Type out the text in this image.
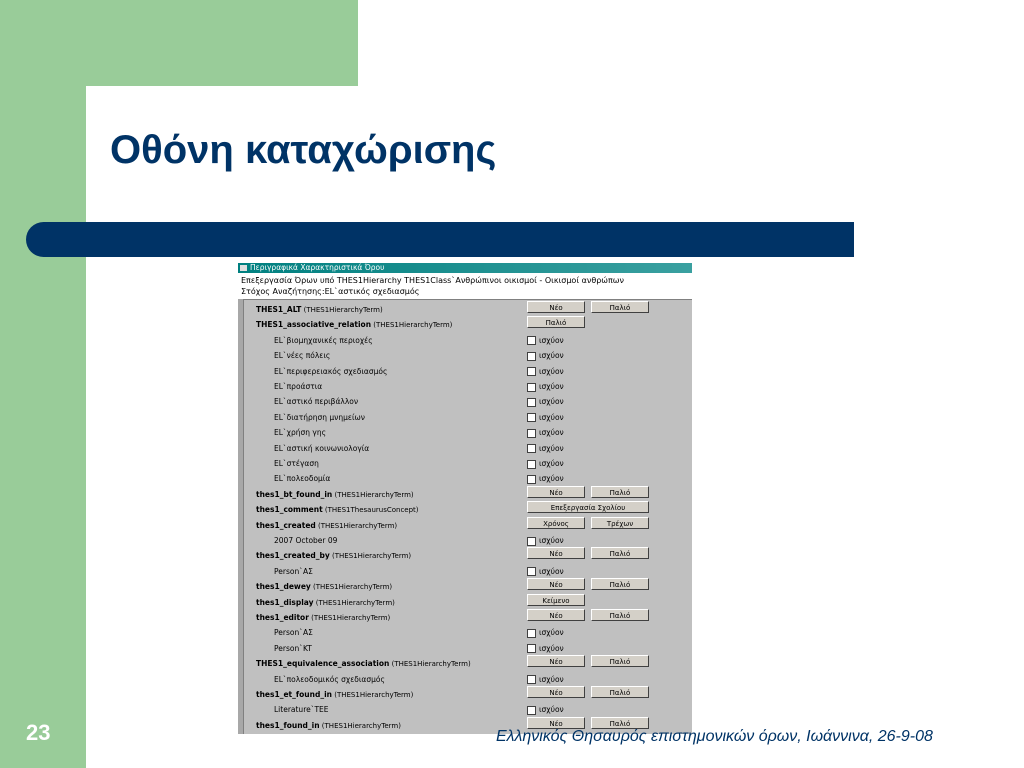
Οθόνη καταχώρισης
Περιγραφικά Χαρακτηριστικά Όρου
Επεξεργασία Όρων υπό THES1Hierarchy THES1Class`Ανθρώπινοι οικισμοί - Οικισμοί ανθρώπων
Στόχος Αναζήτησης:EL`αστικός σχεδιασμός
THES1_ALT (THES1HierarchyTerm)	Νέο	Παλιό
THES1_associative_relation (THES1HierarchyTerm)	Παλιό
EL`βιομηχανικές περιοχές	ισχύον
EL`νέες πόλεις	ισχύον
EL`περιφερειακός σχεδιασμός	ισχύον
EL`προάστια	ισχύον
EL`αστικό περιβάλλον	ισχύον
EL`διατήρηση μνημείων	ισχύον
EL`χρήση γης	ισχύον
EL`αστική κοινωνιολογία	ισχύον
EL`στέγαση	ισχύον
EL`πολεοδομία	ισχύον
thes1_bt_found_in (THES1HierarchyTerm)	Νέο	Παλιό
thes1_comment (THES1ThesaurusConcept)	Επεξεργασία Σχολίου
thes1_created (THES1HierarchyTerm)	Χρόνος	Τρέχων
2007 October 09	ισχύον
thes1_created_by (THES1HierarchyTerm)	Νέο	Παλιό
Person`ΑΣ	ισχύον
thes1_dewey (THES1HierarchyTerm)	Νέο	Παλιό
thes1_display (THES1HierarchyTerm)	Κείμενο
thes1_editor (THES1HierarchyTerm)	Νέο	Παλιό
Person`ΑΣ	ισχύον
Person`KT	ισχύον
THES1_equivalence_association (THES1HierarchyTerm)	Νέο	Παλιό
EL`πολεοδομικός σχεδιασμός	ισχύον
thes1_et_found_in (THES1HierarchyTerm)	Νέο	Παλιό
Literature`TEE	ισχύον
thes1_found_in (THES1HierarchyTerm)	Νέο	Παλιό
23	Ελληνικός Θησαυρός επιστημονικών όρων, Ιωάννινα, 26-9-08
